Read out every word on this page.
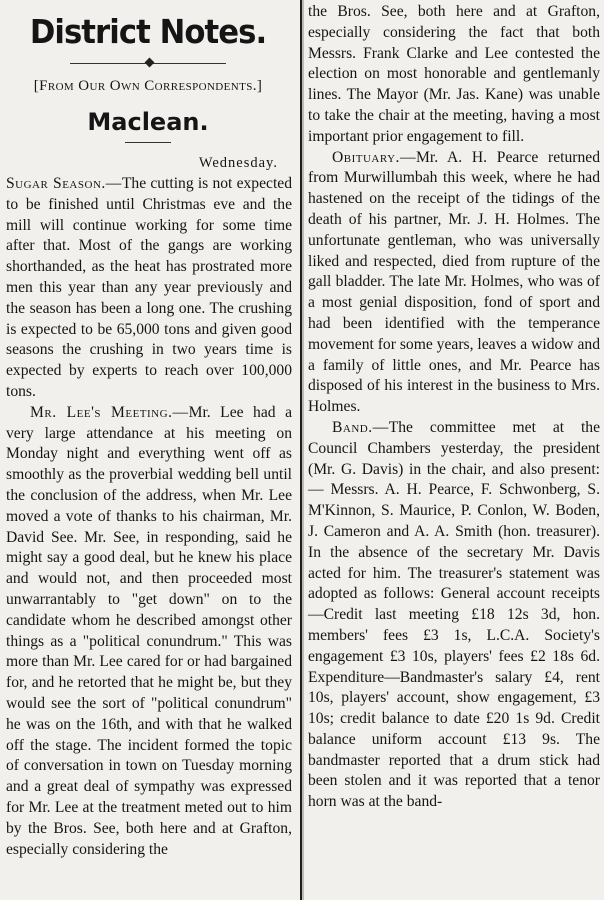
District Notes.
[From Our Own Correspondents.]
Maclean.
Wednesday.

Sugar Season.—The cutting is not expected to be finished until Christmas eve and the mill will continue working for some time after that. Most of the gangs are working shorthanded, as the heat has prostrated more men this year than any year previously and the season has been a long one. The crushing is expected to be 65,000 tons and given good seasons the crushing in two years time is expected by experts to reach over 100,000 tons.

Mr. Lee's Meeting.—Mr. Lee had a very large attendance at his meeting on Monday night and everything went off as smoothly as the proverbial wedding bell until the conclusion of the address, when Mr. Lee moved a vote of thanks to his chairman, Mr. David See. Mr. See, in responding, said he might say a good deal, but he knew his place and would not, and then proceeded most unwarrantably to "get down" on to the candidate whom he described amongst other things as a "political conundrum." This was more than Mr. Lee cared for or had bargained for, and he retorted that he might be, but they would see the sort of "political conundrum" he was on the 16th, and with that he walked off the stage. The incident formed the topic of conversation in town on Tuesday morning and a great deal of sympathy was expressed for Mr. Lee at the treatment meted out to him by the Bros. See, both here and at Grafton, especially considering the

the Bros. See, both here and at Grafton, especially considering the fact that both Messrs. Frank Clarke and Lee contested the election on most honorable and gentlemanly lines. The Mayor (Mr. Jas. Kane) was unable to take the chair at the meeting, having a most important prior engagement to fill.

Obituary.—Mr. A. H. Pearce returned from Murwillumbah this week, where he had hastened on the receipt of the tidings of the death of his partner, Mr. J. H. Holmes. The unfortunate gentleman, who was universally liked and respected, died from rupture of the gall bladder. The late Mr. Holmes, who was of a most genial disposition, fond of sport and had been identified with the temperance movement for some years, leaves a widow and a family of little ones, and Mr. Pearce has disposed of his interest in the business to Mrs. Holmes.

Band.—The committee met at the Council Chambers yesterday, the president (Mr. G. Davis) in the chair, and also present: — Messrs. A. H. Pearce, F. Schwonberg, S. M'Kinnon, S. Maurice, P. Conlon, W. Boden, J. Cameron and A. A. Smith (hon. treasurer). In the absence of the secretary Mr. Davis acted for him. The treasurer's statement was adopted as follows: General account receipts—Credit last meeting £18 12s 3d, hon. members' fees £3 1s, L.C.A. Society's engagement £3 10s, players' fees £2 18s 6d. Expenditure—Bandmaster's salary £4, rent 10s, players' account, show engagement, £3 10s; credit balance to date £20 1s 9d. Credit balance uniform account £13 9s. The bandmaster reported that a drum stick had been stolen and it was reported that a tenor horn was at the band-
